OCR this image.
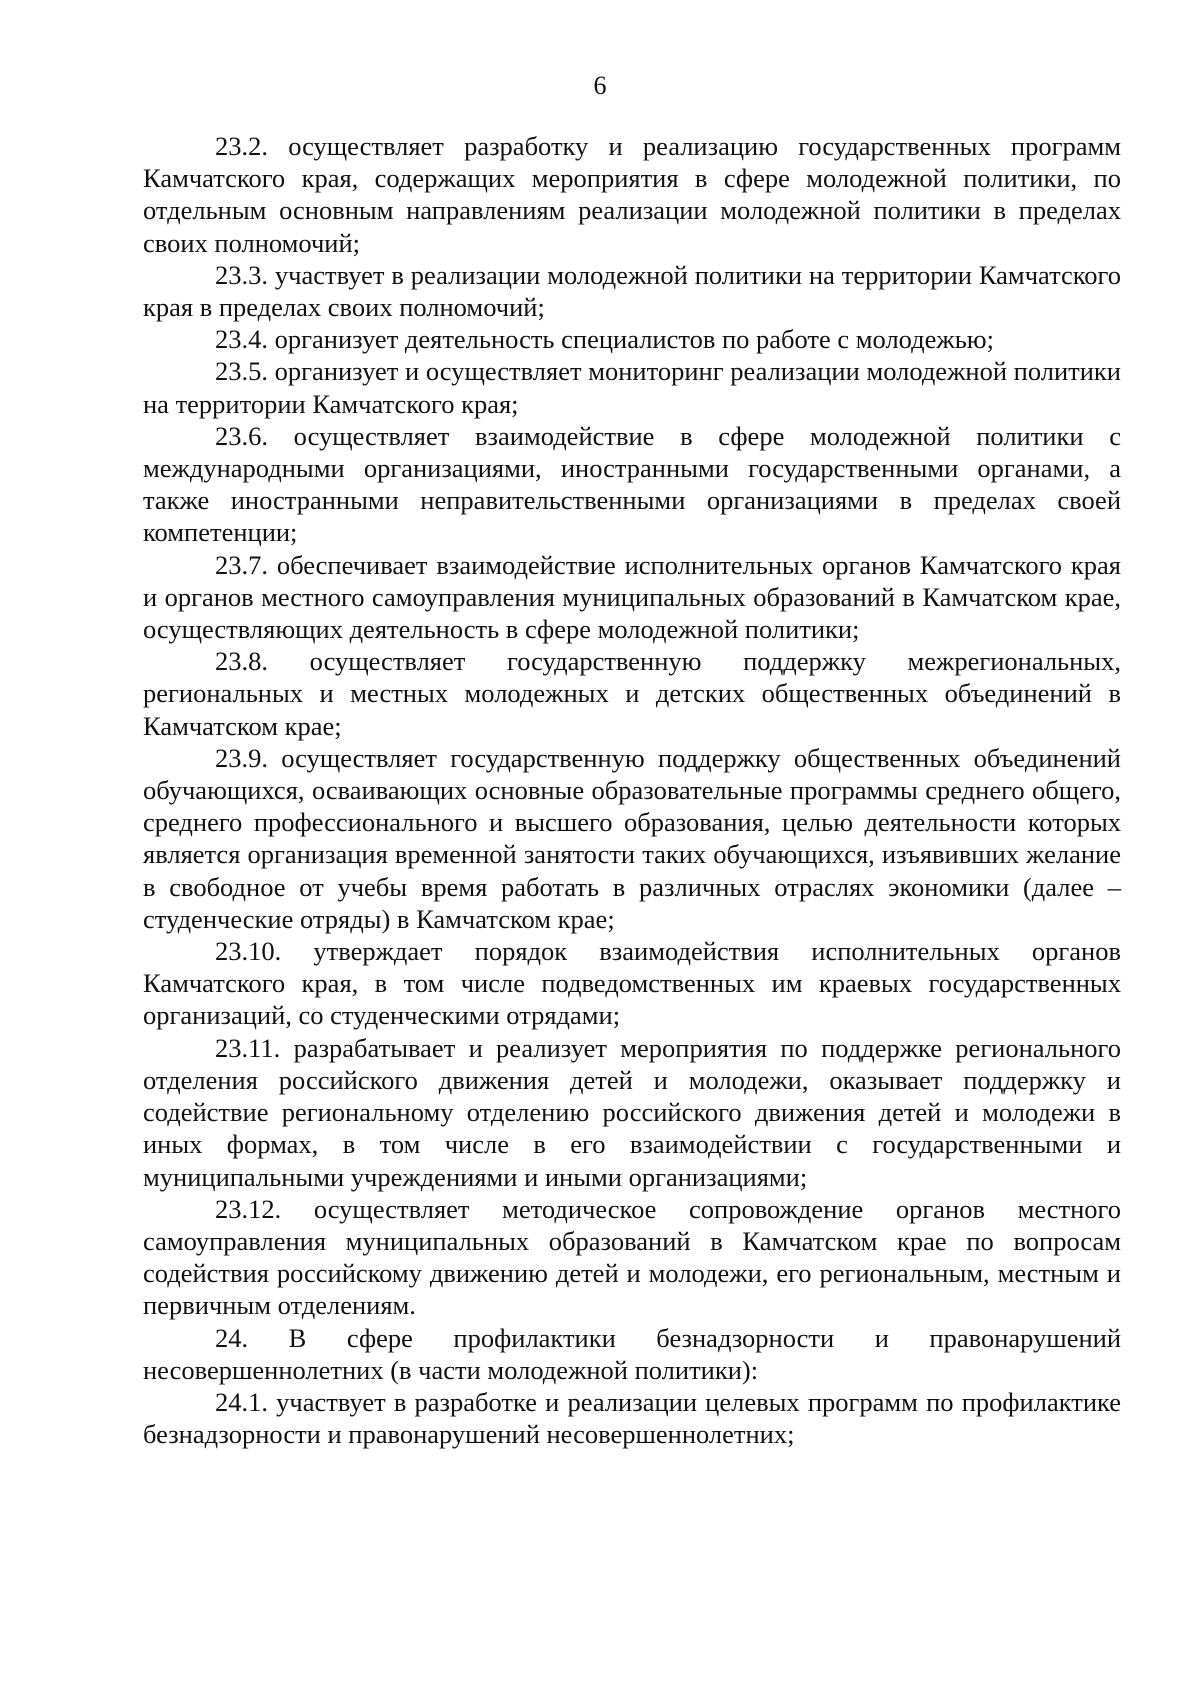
6

23.2. осуществляет разработку и реализацию государственных программ Камчатского края, содержащих мероприятия в сфере молодежной политики, по отдельным основным направлениям реализации молодежной политики в пределах своих полномочий;

23.3. участвует в реализации молодежной политики на территории Камчатского края в пределах своих полномочий;

23.4. организует деятельность специалистов по работе с молодежью;

23.5. организует и осуществляет мониторинг реализации молодежной политики на территории Камчатского края;

23.6. осуществляет взаимодействие в сфере молодежной политики с международными организациями, иностранными государственными органами, а также иностранными неправительственными организациями в пределах своей компетенции;

23.7. обеспечивает взаимодействие исполнительных органов Камчатского края и органов местного самоуправления муниципальных образований в Камчатском крае, осуществляющих деятельность в сфере молодежной политики;

23.8. осуществляет государственную поддержку межрегиональных, региональных и местных молодежных и детских общественных объединений в Камчатском крае;

23.9. осуществляет государственную поддержку общественных объединений обучающихся, осваивающих основные образовательные программы среднего общего, среднего профессионального и высшего образования, целью деятельности которых является организация временной занятости таких обучающихся, изъявивших желание в свободное от учебы время работать в различных отраслях экономики (далее – студенческие отряды) в Камчатском крае;

23.10. утверждает порядок взаимодействия исполнительных органов Камчатского края, в том числе подведомственных им краевых государственных организаций, со студенческими отрядами;

23.11. разрабатывает и реализует мероприятия по поддержке регионального отделения российского движения детей и молодежи, оказывает поддержку и содействие региональному отделению российского движения детей и молодежи в иных формах, в том числе в его взаимодействии с государственными и муниципальными учреждениями и иными организациями;

23.12. осуществляет методическое сопровождение органов местного самоуправления муниципальных образований в Камчатском крае по вопросам содействия российскому движению детей и молодежи, его региональным, местным и первичным отделениям.

24. В сфере профилактики безнадзорности и правонарушений несовершеннолетних (в части молодежной политики):

24.1. участвует в разработке и реализации целевых программ по профилактике безнадзорности и правонарушений несовершеннолетних;
